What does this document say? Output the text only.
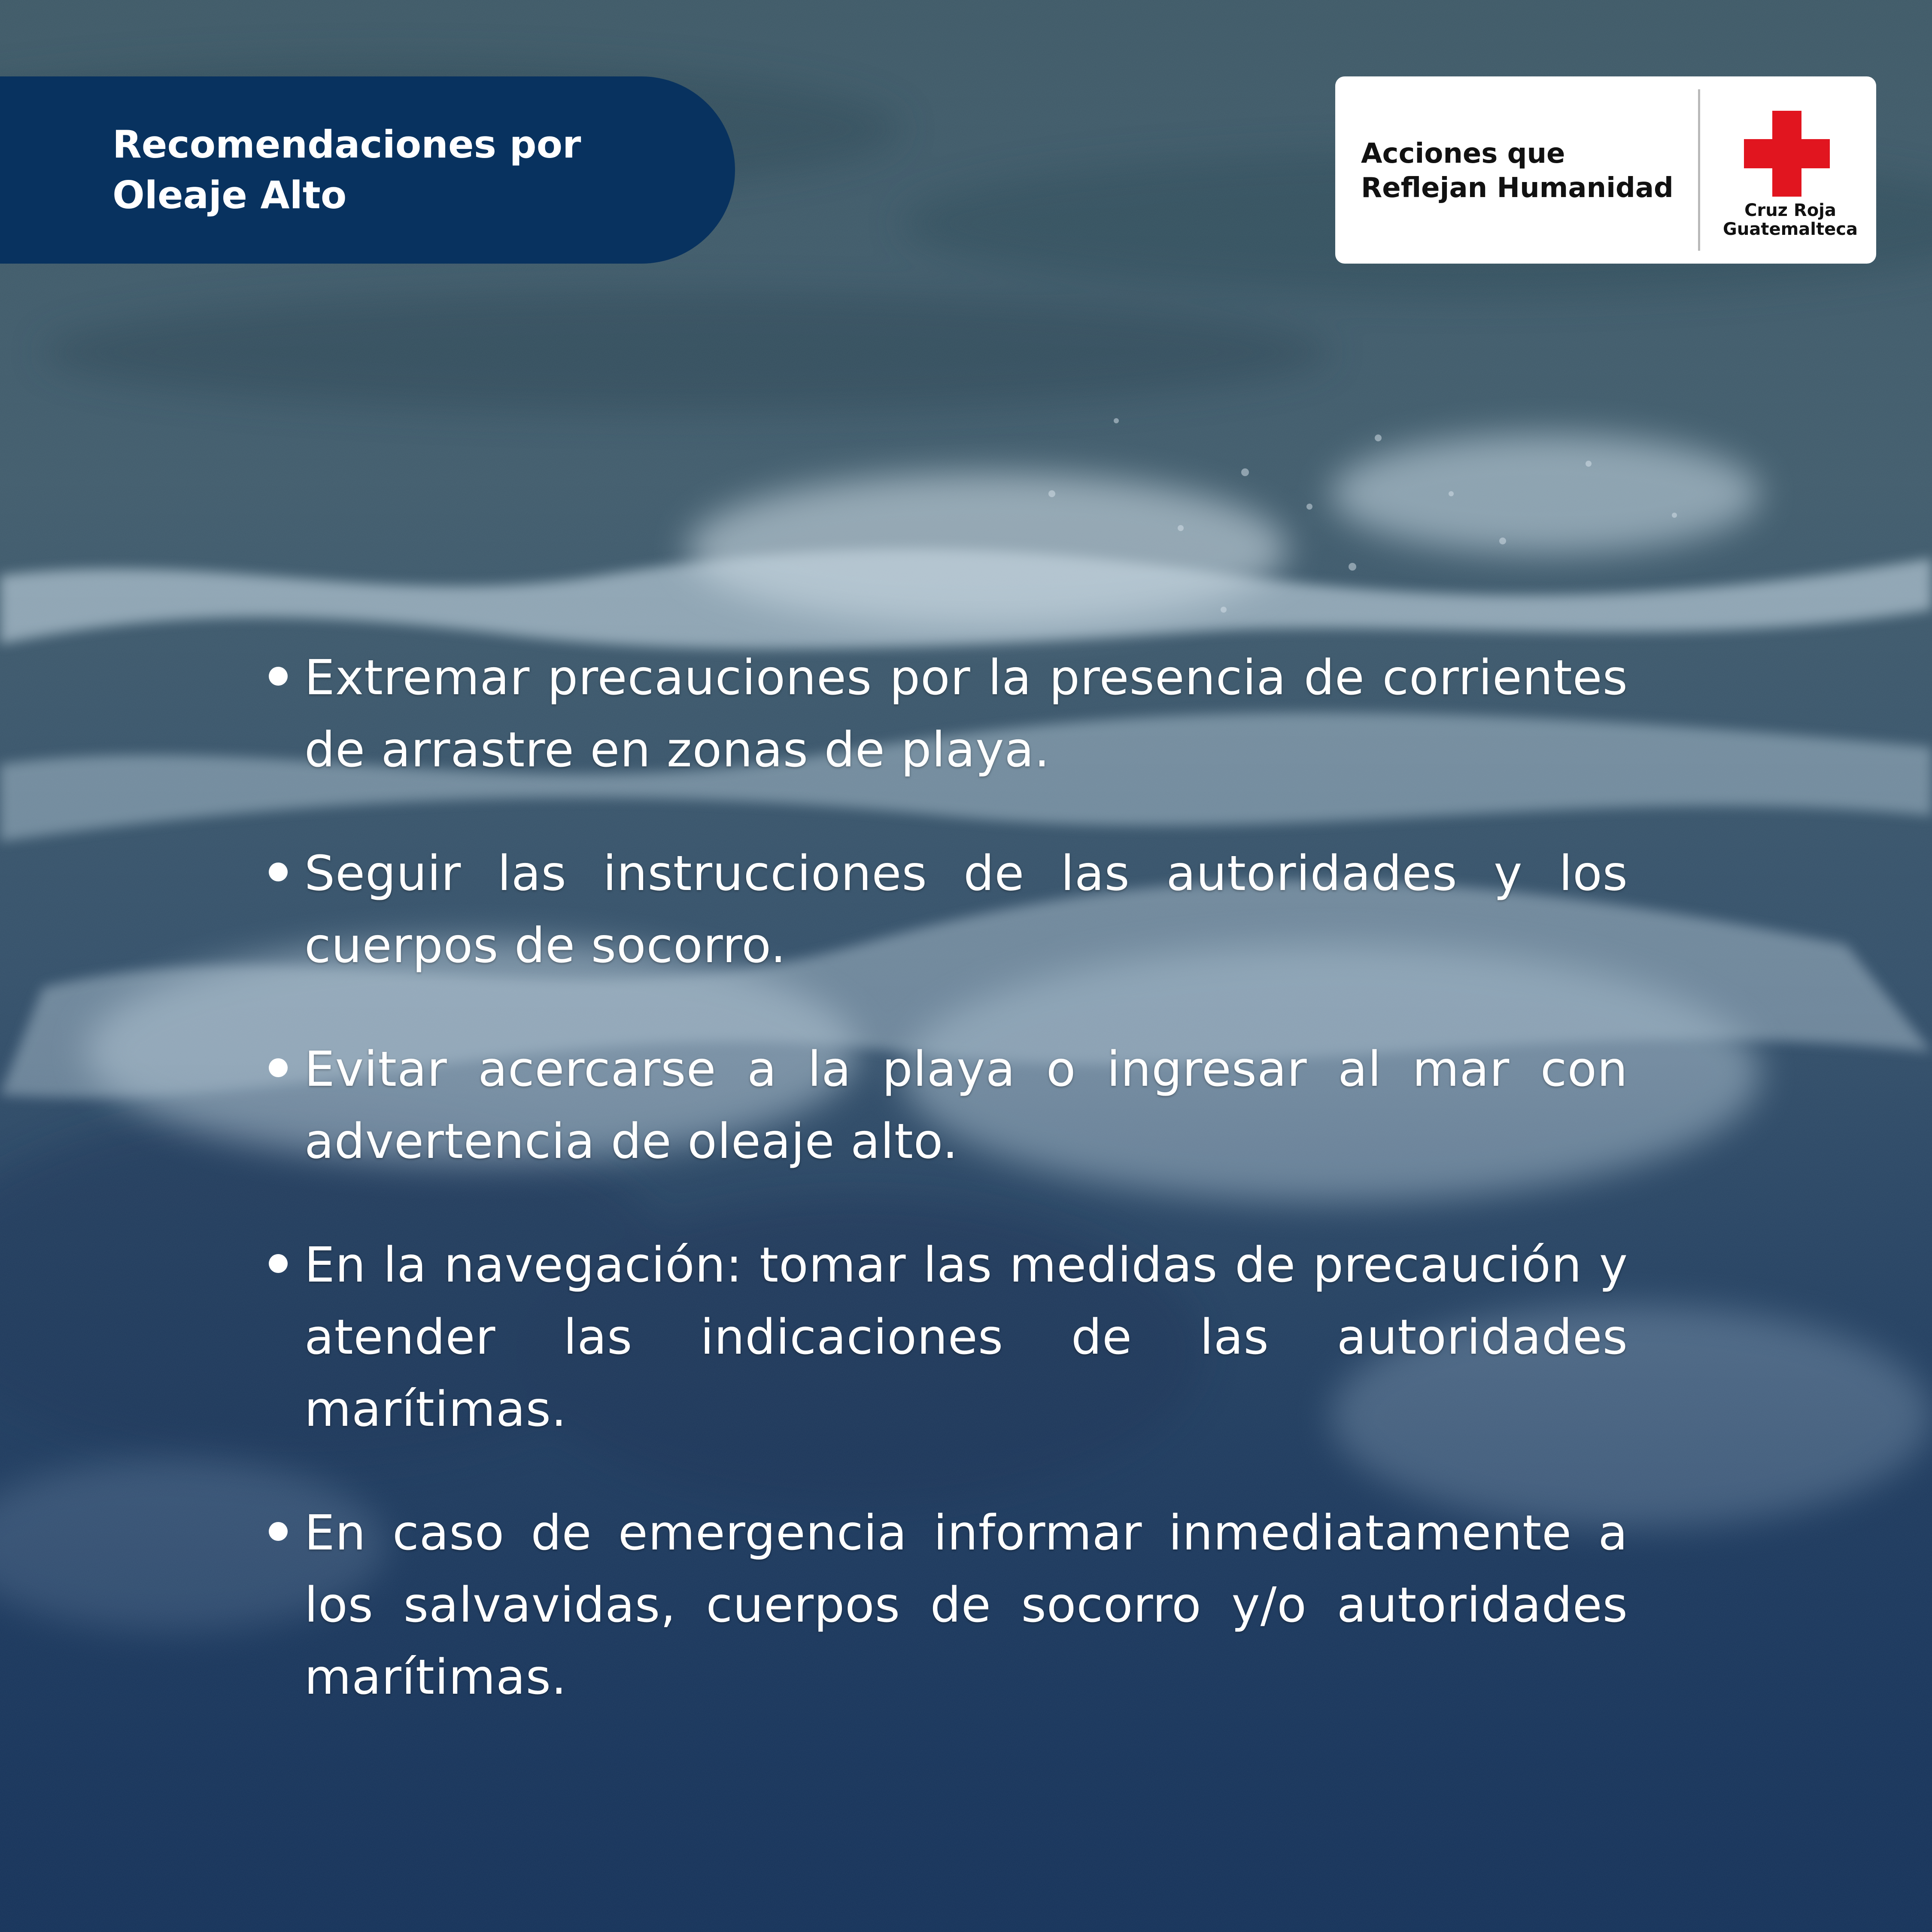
Recomendaciones por
Oleaje Alto
Acciones que
Reflejan Humanidad
Cruz Roja
Guatemalteca
Extremar precauciones por la presencia de corrientes de arrastre en zonas de playa.
Seguir las instrucciones de las autoridades y los cuerpos de socorro.
Evitar acercarse a la playa o ingresar al mar con advertencia de oleaje alto.
En la navegación: tomar las medidas de precaución y atender las indicaciones de las autoridades marítimas.
En caso de emergencia informar inmediatamente a los salvavidas, cuerpos de socorro y/o autoridades marítimas.
